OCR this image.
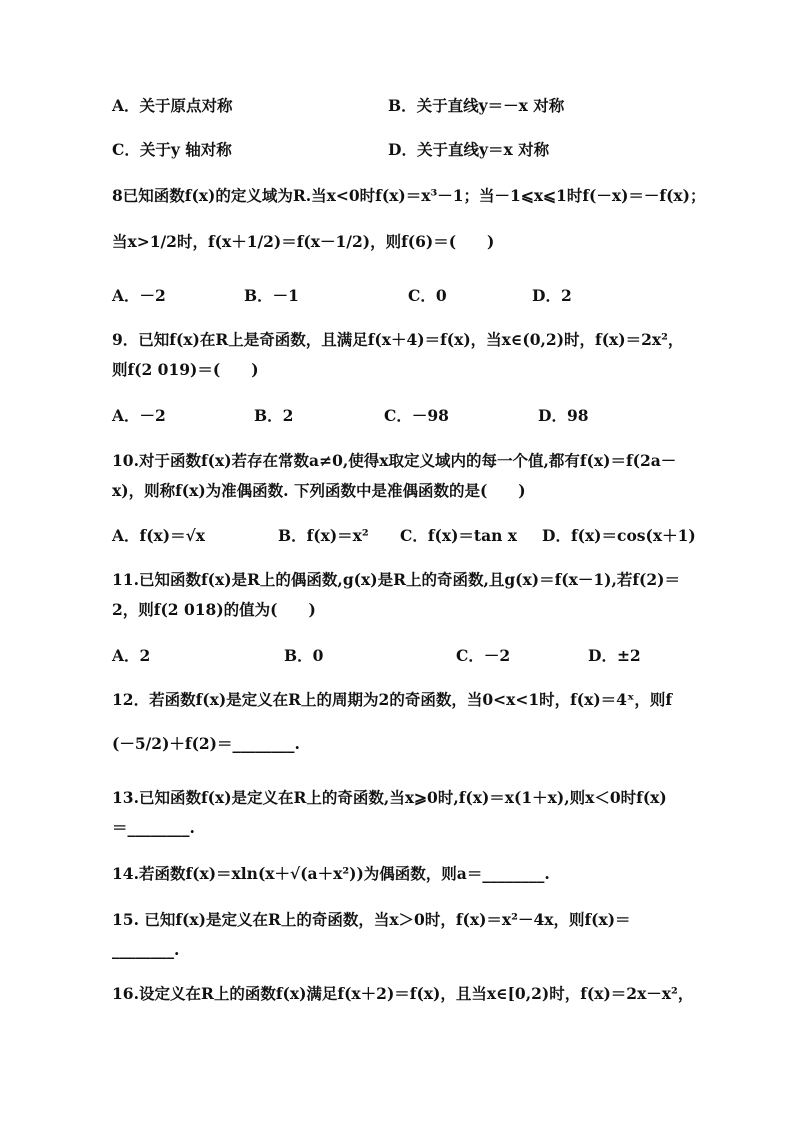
A．关于原点对称	B．关于直线y＝－x 对称
C．关于y 轴对称	D．关于直线y＝x 对称
8已知函数f(x)的定义域为R.当x<0时f(x)＝x³－1；当－1⩽x⩽1时f(－x)＝－f(x)；
当x>1/2时，f(x＋1/2)＝f(x－1/2)，则f(6)＝(　　)
A．－2	B．－1	C．0	D．2
9．已知f(x)在R上是奇函数，且满足f(x＋4)＝f(x)，当x∈(0,2)时，f(x)＝2x²，
则f(2 019)＝(　　)
A．－2	B．2	C．－98	D．98
10.对于函数f(x)若存在常数a≠0,使得x取定义域内的每一个值,都有f(x)＝f(2a－
x)，则称f(x)为准偶函数. 下列函数中是准偶函数的是(　　)
A．f(x)＝√x	B．f(x)＝x² C．f(x)＝tan x D．f(x)＝cos(x＋1)
11.已知函数f(x)是R上的偶函数,g(x)是R上的奇函数,且g(x)＝f(x－1),若f(2)＝
2，则f(2 018)的值为(　　)
A．2	B．0	C．－2	D．±2
12．若函数f(x)是定义在R上的周期为2的奇函数，当0<x<1时，f(x)＝4ˣ，则f
(－5/2)＋f(2)＝________.
13.已知函数f(x)是定义在R上的奇函数,当x⩾0时,f(x)＝x(1＋x),则x＜0时f(x)
＝________.
14.若函数f(x)＝xln(x＋√(a＋x²))为偶函数，则a＝________.
15. 已知f(x)是定义在R上的奇函数，当x＞0时，f(x)＝x²－4x，则f(x)＝
________.
16.设定义在R上的函数f(x)满足f(x＋2)＝f(x)，且当x∈[0,2)时，f(x)＝2x－x²，
